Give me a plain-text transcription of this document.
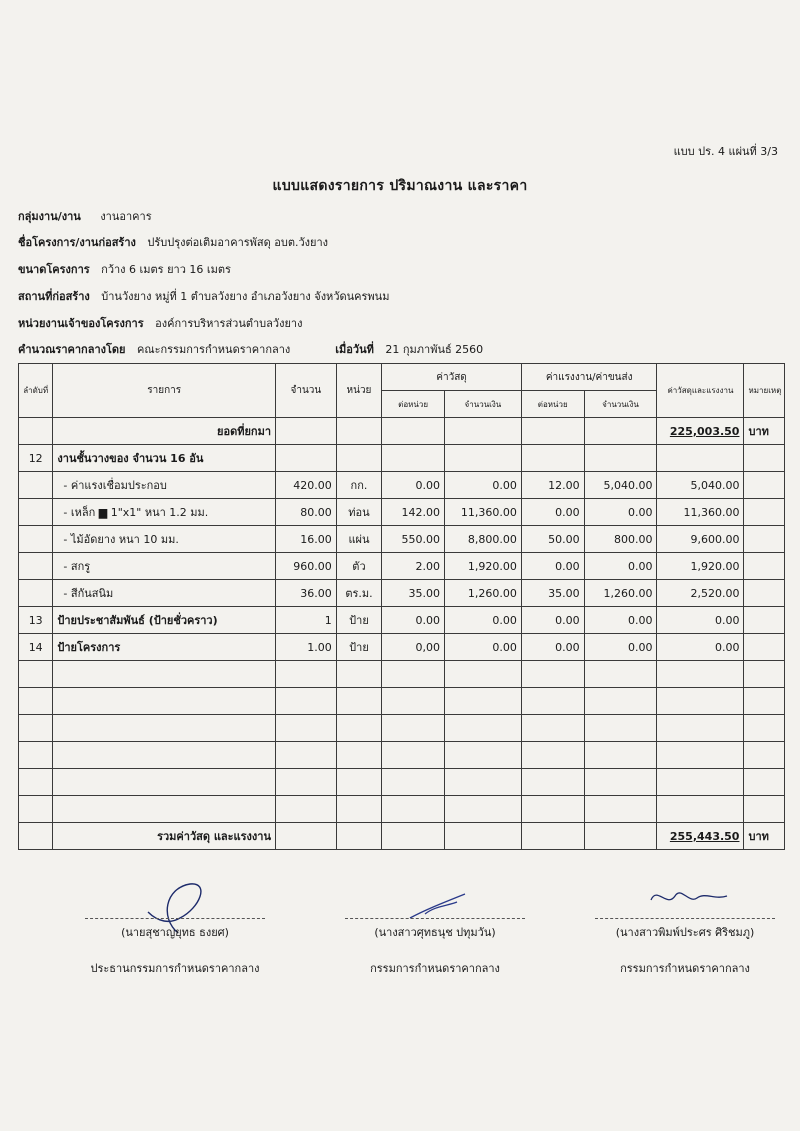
แบบ ปร. 4 แผ่นที่ 3/3
แบบแสดงรายการ ปริมาณงาน และราคา
กลุ่มงาน/งาน งานอาคาร
ชื่อโครงการ/งานก่อสร้าง ปรับปรุงต่อเติมอาคารพัสดุ อบต.วังยาง
ขนาดโครงการ กว้าง 6 เมตร ยาว 16 เมตร
สถานที่ก่อสร้าง บ้านวังยาง หมู่ที่ 1 ตำบลวังยาง อำเภอวังยาง จังหวัดนครพนม
หน่วยงานเจ้าของโครงการ องค์การบริหารส่วนตำบลวังยาง
คำนวณราคากลางโดย คณะกรรมการกำหนดราคากลาง	เมื่อวันที่ 21 กุมภาพันธ์ 2560
ลำดับที่	รายการ	จำนวน	หน่วย	ค่าวัสดุ		ค่าแรงงาน/ค่าขนส่ง		ค่าวัสดุและแรงงาน	หมายเหตุ
				ต่อหน่วย	จำนวนเงิน	ต่อหน่วย	จำนวนเงิน		
	ยอดที่ยกมา							225,003.50	บาท
12	งานชั้นวางของ จำนวน 16 อัน								
	- ค่าแรงเชื่อมประกอบ	420.00	กก.	0.00	0.00	12.00	5,040.00	5,040.00	
	- เหล็ก ▆ 1"x1" หนา 1.2 มม.	80.00	ท่อน	142.00	11,360.00	0.00	0.00	11,360.00	
	- ไม้อัดยาง หนา 10 มม.	16.00	แผ่น	550.00	8,800.00	50.00	800.00	9,600.00	
	- สกรู	960.00	ตัว	2.00	1,920.00	0.00	0.00	1,920.00	
	- สีกันสนิม	36.00	ตร.ม.	35.00	1,260.00	35.00	1,260.00	2,520.00	
13	ป้ายประชาสัมพันธ์ (ป้ายชั่วคราว)	1	ป้าย	0.00	0.00	0.00	0.00	0.00	
14	ป้ายโครงการ	1.00	ป้าย	0,00	0.00	0.00	0.00	0.00	

	รวมค่าวัสดุ และแรงงาน							255,443.50	บาท
(นายสุชาญยุทธ ธงยศ)
ประธานกรรมการกำหนดราคากลาง
(นางสาวศุทธนุช ปทุมวัน)
กรรมการกำหนดราคากลาง
(นางสาวพิมพ์ประศร ศิริชมภู)
กรรมการกำหนดราคากลาง
